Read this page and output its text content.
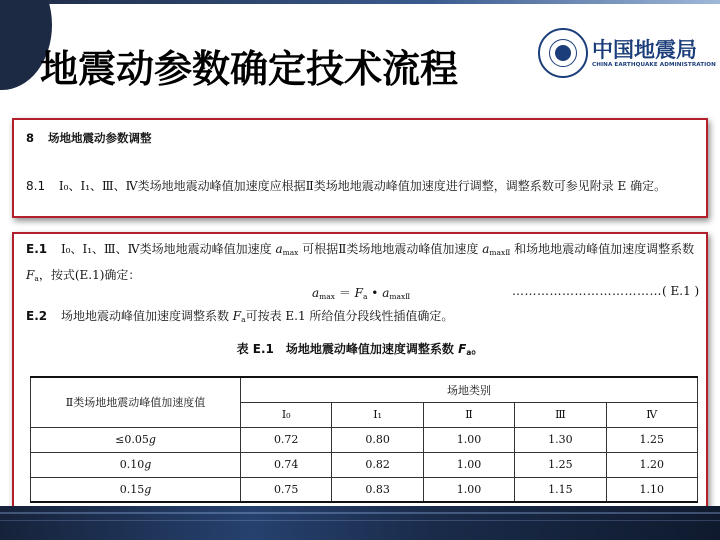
地震动参数确定技术流程	中国地震局
CHINA EARTHQUAKE ADMINISTRATION
8 场地地震动参数调整
8.1 Ⅰ₀、Ⅰ₁、Ⅲ、Ⅳ类场地地震动峰值加速度应根据Ⅱ类场地地震动峰值加速度进行调整，调整系数可参见附录 E 确定。
E.1 Ⅰ₀、Ⅰ₁、Ⅲ、Ⅳ类场地地震动峰值加速度 $a_{max}$ 可根据Ⅱ类场地地震动峰值加速度 $a_{maxⅡ}$ 和场地地震动峰值加速度调整系数 $F_a$，按式(E.1)确定：
$a_{max} = F_a$ • $a_{maxⅡ}$	……………………………… ( E.1 )
E.2 场地地震动峰值加速度调整系数 $F_a$可按表 E.1 所给值分段线性插值确定。
表 E.1　场地地震动峰值加速度调整系数 $F_a$。
Ⅱ类场地地震动峰值加速度值	场地类别				
	Ⅰ₀	Ⅰ₁	Ⅱ	Ⅲ	Ⅳ
≤0.05g	0.72	0.80	1.00	1.30	1.25
0.10g	0.74	0.82	1.00	1.25	1.20
0.15g	0.75	0.83	1.00	1.15	1.10
